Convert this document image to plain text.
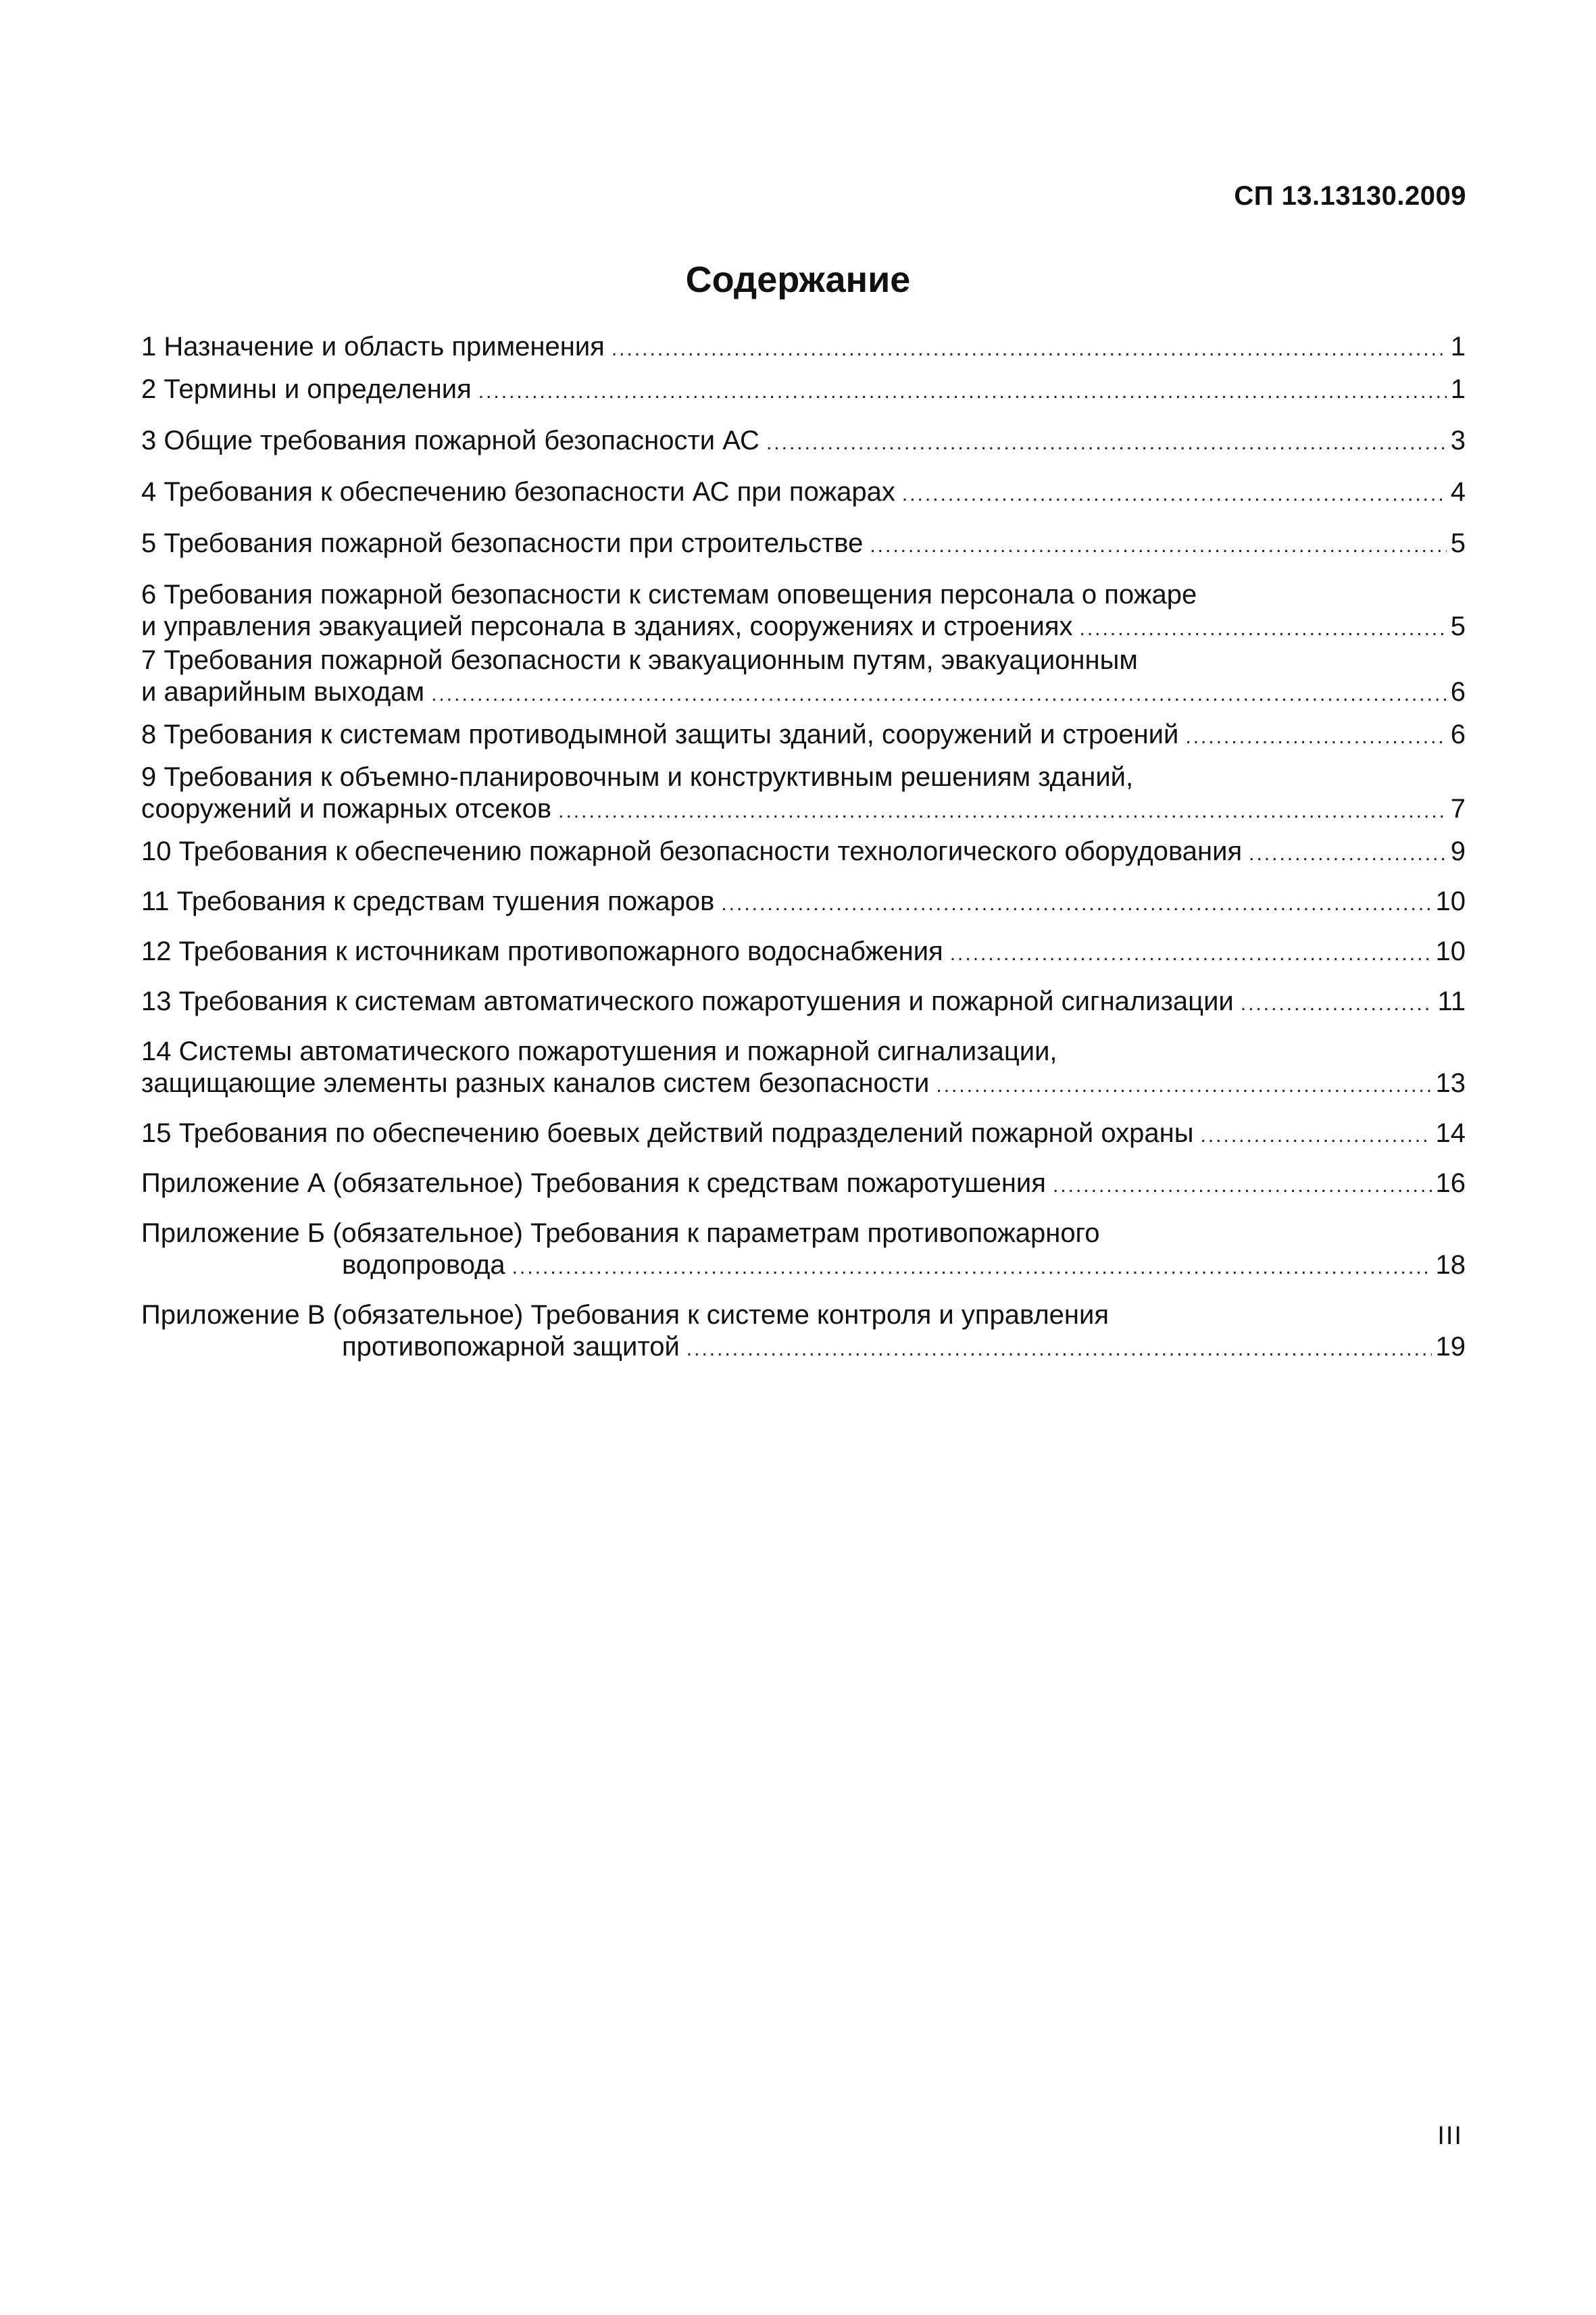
СП 13.13130.2009
Содержание
1 Назначение и область применения .....	1
2 Термины и определения .....	1
3 Общие требования пожарной безопасности АС .....	3
4 Требования к обеспечению безопасности АС при пожарах .....	4
5 Требования пожарной безопасности при строительстве .....	5
6 Требования пожарной безопасности к системам оповещения персонала о пожаре
и управления эвакуацией персонала в зданиях, сооружениях и строениях .....	5
7 Требования пожарной безопасности к эвакуационным путям, эвакуационным
и аварийным выходам .....	6
8 Требования к системам противодымной защиты зданий, сооружений и строений .....	6
9 Требования к объемно-планировочным и конструктивным решениям зданий,
сооружений и пожарных отсеков .....	7
10 Требования к обеспечению пожарной безопасности технологического оборудования .....	9
11 Требования к средствам тушения пожаров .....	10
12 Требования к источникам противопожарного водоснабжения .....	10
13 Требования к системам автоматического пожаротушения и пожарной сигнализации .....	11
14 Системы автоматического пожаротушения и пожарной сигнализации,
защищающие элементы разных каналов систем безопасности .....	13
15 Требования по обеспечению боевых действий подразделений пожарной охраны .....	14
Приложение А (обязательное) Требования к средствам пожаротушения .....	16
Приложение Б (обязательное) Требования к параметрам противопожарного
водопровода .....	18
Приложение В (обязательное) Требования к системе контроля и управления
противопожарной защитой .....	19
III
